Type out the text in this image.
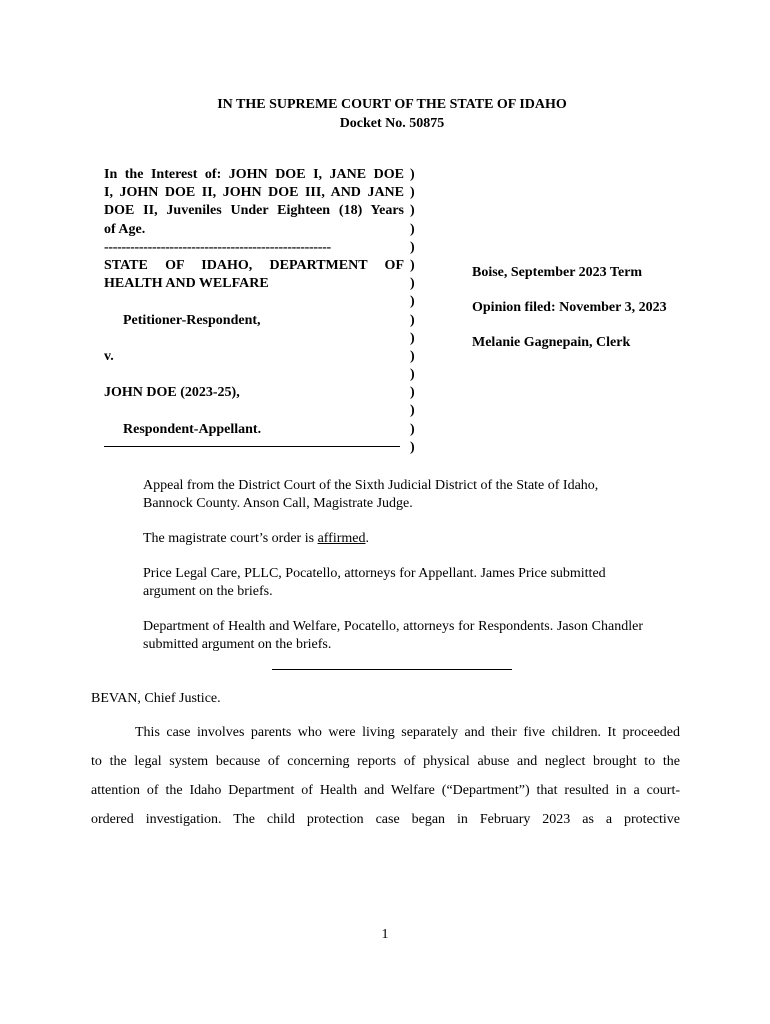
IN THE SUPREME COURT OF THE STATE OF IDAHO
Docket No. 50875
In the Interest of: JOHN DOE I, JANE DOE
I, JOHN DOE II, JOHN DOE III, AND JANE
DOE II, Juveniles Under Eighteen (18) Years
of Age.
----------------------------------------------------
STATE OF IDAHO, DEPARTMENT OF
HEALTH AND WELFARE
Petitioner-Respondent,
v.
JOHN DOE (2023-25),
Respondent-Appellant.
)
)
)
)
)
)
)
)
)
)
)
)
)
)
)
)
Boise, September 2023 Term
Opinion filed: November 3, 2023
Melanie Gagnepain, Clerk

Appeal from the District Court of the Sixth Judicial District of the State of Idaho, Bannock County. Anson Call, Magistrate Judge.

The magistrate court’s order is affirmed.

Price Legal Care, PLLC, Pocatello, attorneys for Appellant. James Price submitted argument on the briefs.

Department of Health and Welfare, Pocatello, attorneys for Respondents. Jason Chandler submitted argument on the briefs.

BEVAN, Chief Justice.
This case involves parents who were living separately and their five children. It proceeded
to the legal system because of concerning reports of physical abuse and neglect brought to the
attention of the Idaho Department of Health and Welfare (“Department”) that resulted in a court-
ordered investigation. The child protection case began in February 2023 as a protective
1
